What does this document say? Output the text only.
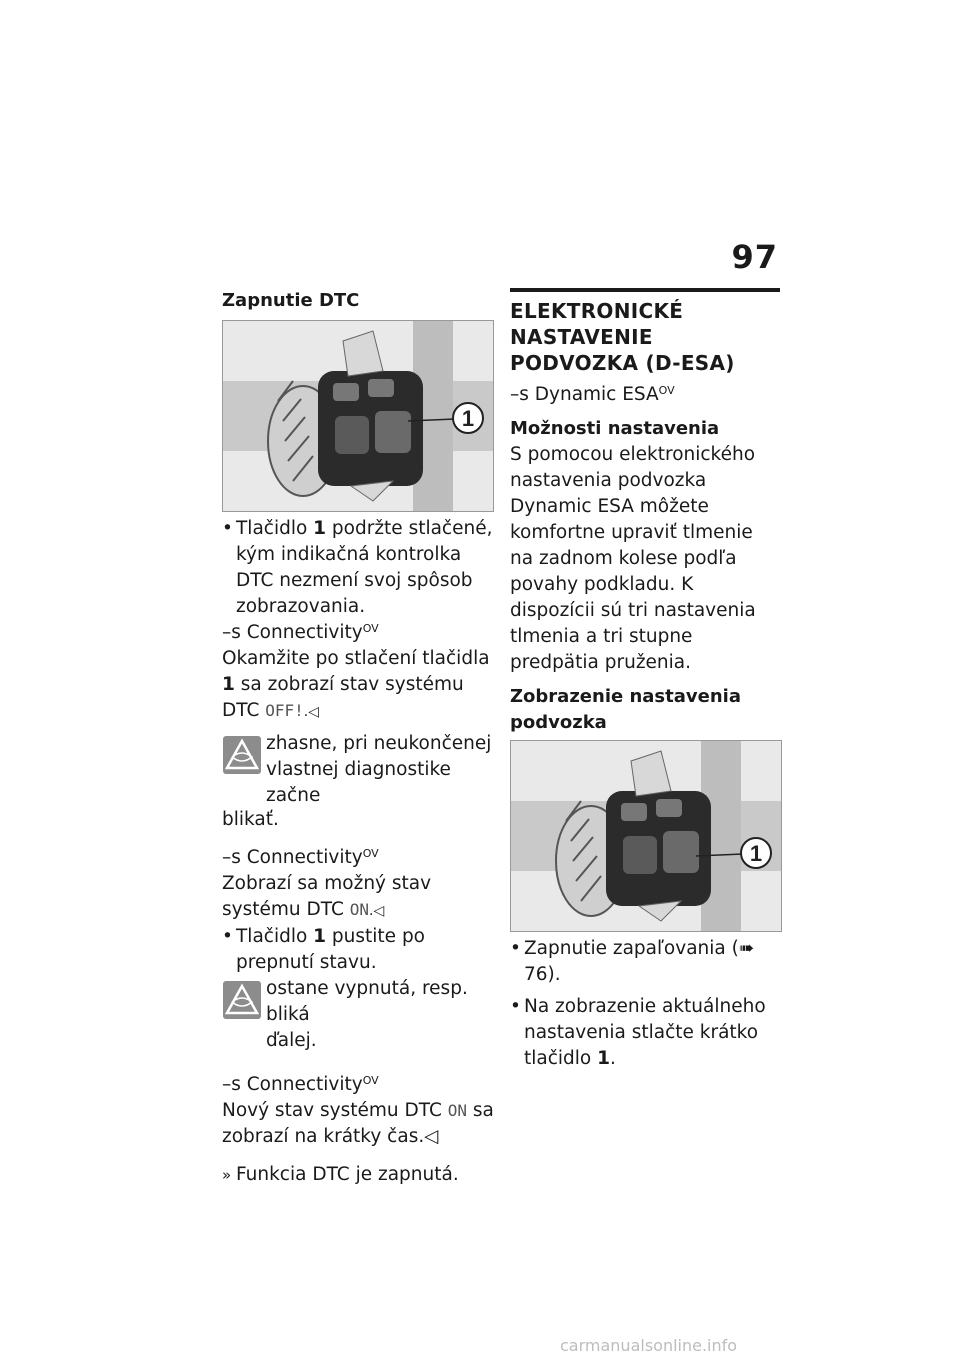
97
Zapnutie DTC
1
• Tlačidlo 1 podržte stlačené, kým indikačná kontrolka DTC nezmení svoj spôsob zobrazovania.
–s Connectivity$^{OV}$
Okamžite po stlačení tlačidla 1 sa zobrazí stav systému DTC OFF!.◁
zhasne, pri neukončenej
vlastnej diagnostike začne
blikať.
–s Connectivity$^{OV}$
Zobrazí sa možný stav systému DTC ON.◁
• Tlačidlo 1 pustite po prepnutí stavu.
ostane vypnutá, resp. bliká
ďalej.
–s Connectivity$^{OV}$
Nový stav systému DTC ON sa zobrazí na krátky čas.◁
» Funkcia DTC je zapnutá.
ELEKTRONICKÉ NASTAVENIE PODVOZKA (D-ESA)
–s Dynamic $ESA^{OV}$
Možnosti nastavenia
S pomocou elektronického nastavenia podvozka Dynamic ESA môžete komfortne upraviť tlmenie na zadnom kolese podľa povahy podkladu. K dispozícii sú tri nastavenia tlmenia a tri stupne predpätia pruženia.
Zobrazenie nastavenia podvozka
1
• Zapnutie zapaľovania (➠ 76).
• Na zobrazenie aktuálneho nastavenia stlačte krátko tlačidlo 1.
carmanualsonline.info
